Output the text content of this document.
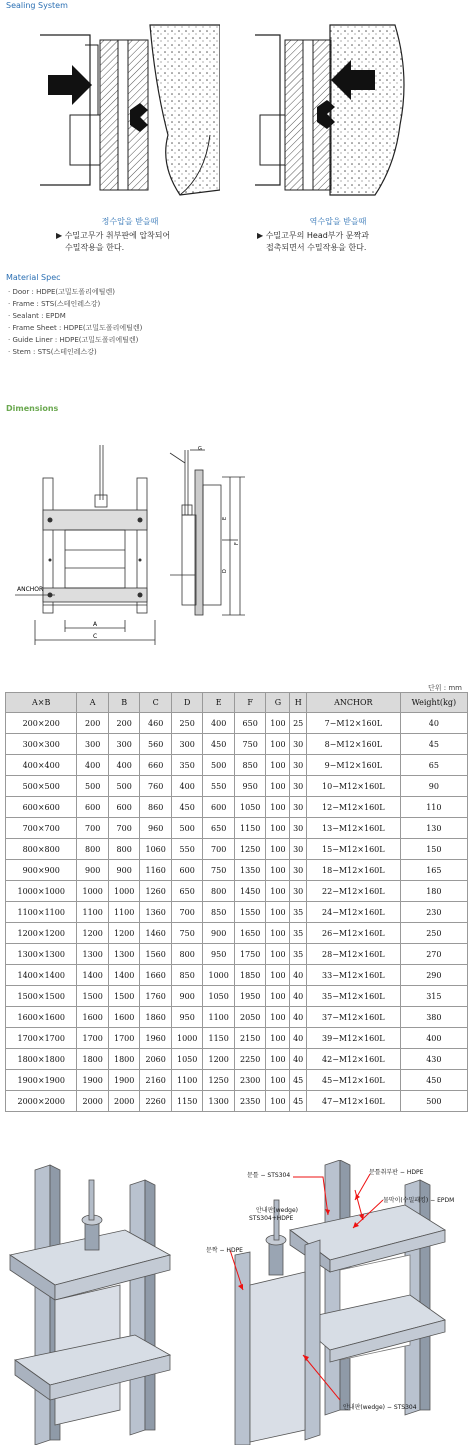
Sealing System
정수압을 받을때
▶ 수밀고무가 취부판에 압착되어
수밀작용을 한다.
역수압을 받을때
▶ 수밀고무의 Head부가 문짝과
접촉되면서 수밀작용을 한다.
Material Spec
· Door : HDPE(고밀도폴리에틸렌)
· Frame : STS(스테인레스강)
· Sealant : EPDM
· Frame Sheet : HDPE(고밀도폴리에틸렌)
· Guide Liner : HDPE(고밀도폴리에틸렌)
· Stem : STS(스테인레스강)
Dimensions
ANCHOR
A
C
E
D
F
G
단위 : mm
A×B	A	B	C	D	E	F	G	H	ANCHOR	Weight(kg)
200×200	200	200	460	250	400	650	100	25	7−M12×160L	40
300×300	300	300	560	300	450	750	100	30	8−M12×160L	45
400×400	400	400	660	350	500	850	100	30	9−M12×160L	65
500×500	500	500	760	400	550	950	100	30	10−M12×160L	90
600×600	600	600	860	450	600	1050	100	30	12−M12×160L	110
700×700	700	700	960	500	650	1150	100	30	13−M12×160L	130
800×800	800	800	1060	550	700	1250	100	30	15−M12×160L	150
900×900	900	900	1160	600	750	1350	100	30	18−M12×160L	165
1000×1000	1000	1000	1260	650	800	1450	100	30	22−M12×160L	180
1100×1100	1100	1100	1360	700	850	1550	100	35	24−M12×160L	230
1200×1200	1200	1200	1460	750	900	1650	100	35	26−M12×160L	250
1300×1300	1300	1300	1560	800	950	1750	100	35	28−M12×160L	270
1400×1400	1400	1400	1660	850	1000	1850	100	40	33−M12×160L	290
1500×1500	1500	1500	1760	900	1050	1950	100	40	35−M12×160L	315
1600×1600	1600	1600	1860	950	1100	2050	100	40	37−M12×160L	380
1700×1700	1700	1700	1960	1000	1150	2150	100	40	39−M12×160L	400
1800×1800	1800	1800	2060	1050	1200	2250	100	40	42−M12×160L	430
1900×1900	1900	1900	2160	1100	1250	2300	100	45	45−M12×160L	450
2000×2000	2000	2000	2260	1150	1300	2350	100	45	47−M12×160L	500
문틀 − STS304	문틀취부판 − HDPE
안내판(wedge)
STS304+HDPE
물막이(수밀패킹) − EPDM
문짝 − HDPE
안내판(wedge) − STS304
